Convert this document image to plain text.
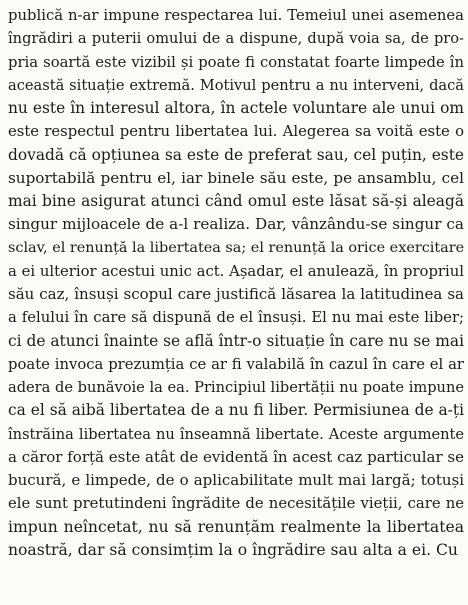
publică n-ar impune respectarea lui. Temeiul unei asemenea
îngrădiri a puterii omului de a dispune, după voia sa, de pro-
pria soartă este vizibil și poate fi constatat foarte limpede în
această situație extremă. Motivul pentru a nu interveni, dacă
nu este în interesul altora, în actele voluntare ale unui om
este respectul pentru libertatea lui. Alegerea sa voită este o
dovadă că opțiunea sa este de preferat sau, cel puțin, este
suportabilă pentru el, iar binele său este, pe ansamblu, cel
mai bine asigurat atunci când omul este lăsat să-și aleagă
singur mijloacele de a-l realiza. Dar, vânzându-se singur ca
sclav, el renunță la libertatea sa; el renunță la orice exercitare
a ei ulterior acestui unic act. Așadar, el anulează, în propriul
său caz, însuși scopul care justifică lăsarea la latitudinea sa
a felului în care să dispună de el însuși. El nu mai este liber;
ci de atunci înainte se află într-o situație în care nu se mai
poate invoca prezumția ce ar fi valabilă în cazul în care el ar
adera de bunăvoie la ea. Principiul libertății nu poate impune
ca el să aibă libertatea de a nu fi liber. Permisiunea de a-ți
înstrăina libertatea nu înseamnă libertate. Aceste argumente
a căror forță este atât de evidentă în acest caz particular se
bucură, e limpede, de o aplicabilitate mult mai largă; totuși
ele sunt pretutindeni îngrădite de necesitățile vieții, care ne
impun neîncetat, nu să renunțăm realmente la libertatea
noastră, dar să consimțim la o îngrădire sau alta a ei. Cu
